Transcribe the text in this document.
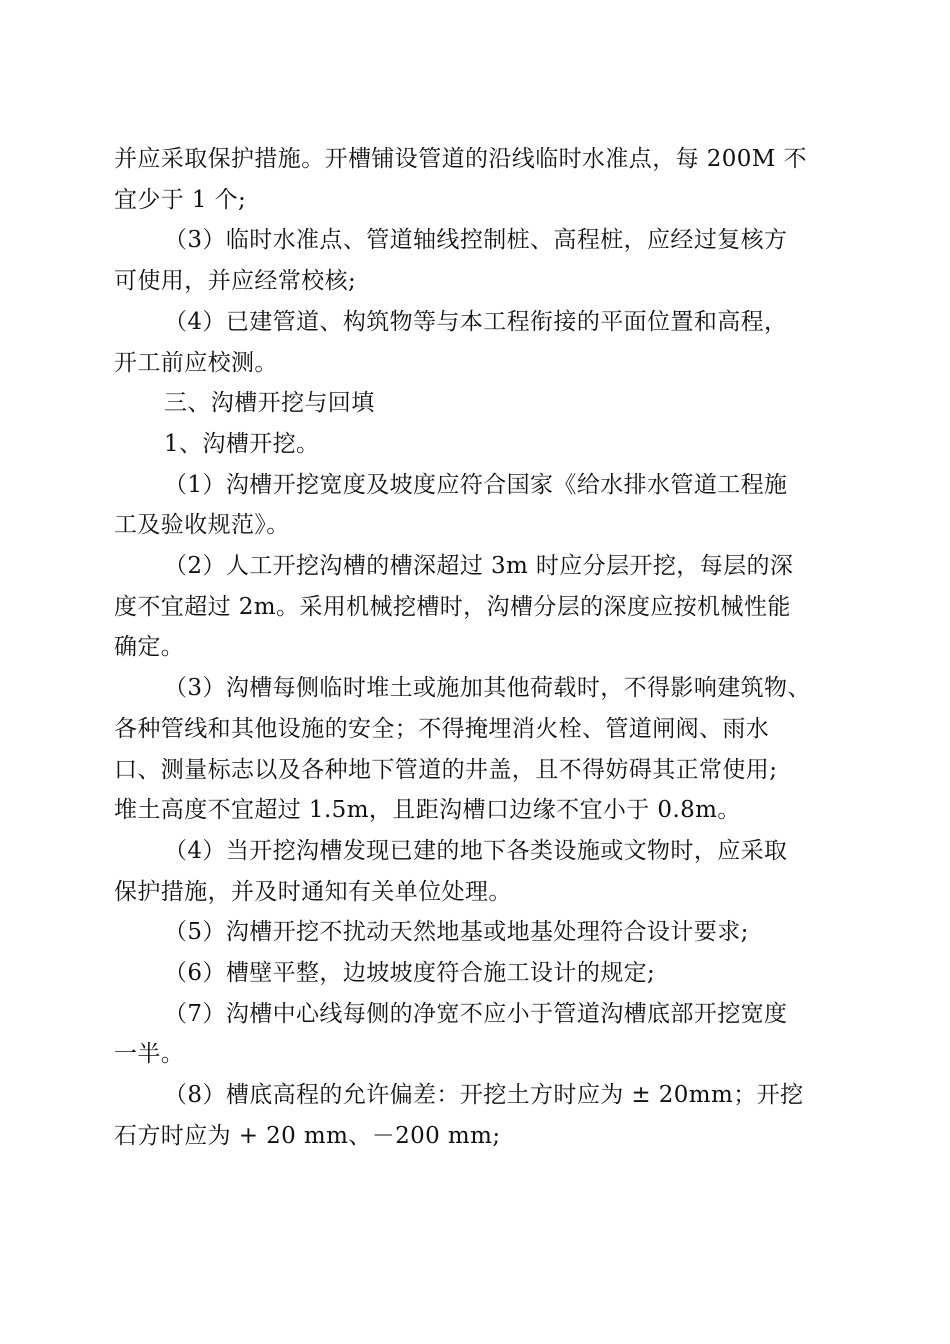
并应采取保护措施。开槽铺设管道的沿线临时水准点，每 200M 不
宜少于 1 个;
（3）临时水准点、管道轴线控制桩、高程桩，应经过复核方
可使用，并应经常校核;
（4）已建管道、构筑物等与本工程衔接的平面位置和高程，
开工前应校测。
三、沟槽开挖与回填
1、沟槽开挖。
（1）沟槽开挖宽度及坡度应符合国家《给水排水管道工程施
工及验收规范》。
（2）人工开挖沟槽的槽深超过 3m 时应分层开挖，每层的深
度不宜超过 2m。采用机械挖槽时，沟槽分层的深度应按机械性能
确定。
（3）沟槽每侧临时堆土或施加其他荷载时，不得影响建筑物、
各种管线和其他设施的安全；不得掩埋消火栓、管道闸阀、雨水
口、测量标志以及各种地下管道的井盖，且不得妨碍其正常使用;
堆土高度不宜超过 1.5m，且距沟槽口边缘不宜小于 0.8m。
（4）当开挖沟槽发现已建的地下各类设施或文物时，应采取
保护措施，并及时通知有关单位处理。
（5）沟槽开挖不扰动天然地基或地基处理符合设计要求;
（6）槽壁平整，边坡坡度符合施工设计的规定;
（7）沟槽中心线每侧的净宽不应小于管道沟槽底部开挖宽度
一半。
（8）槽底高程的允许偏差：开挖土方时应为 ± 20mm；开挖
石方时应为 + 20 mm、－200 mm;
